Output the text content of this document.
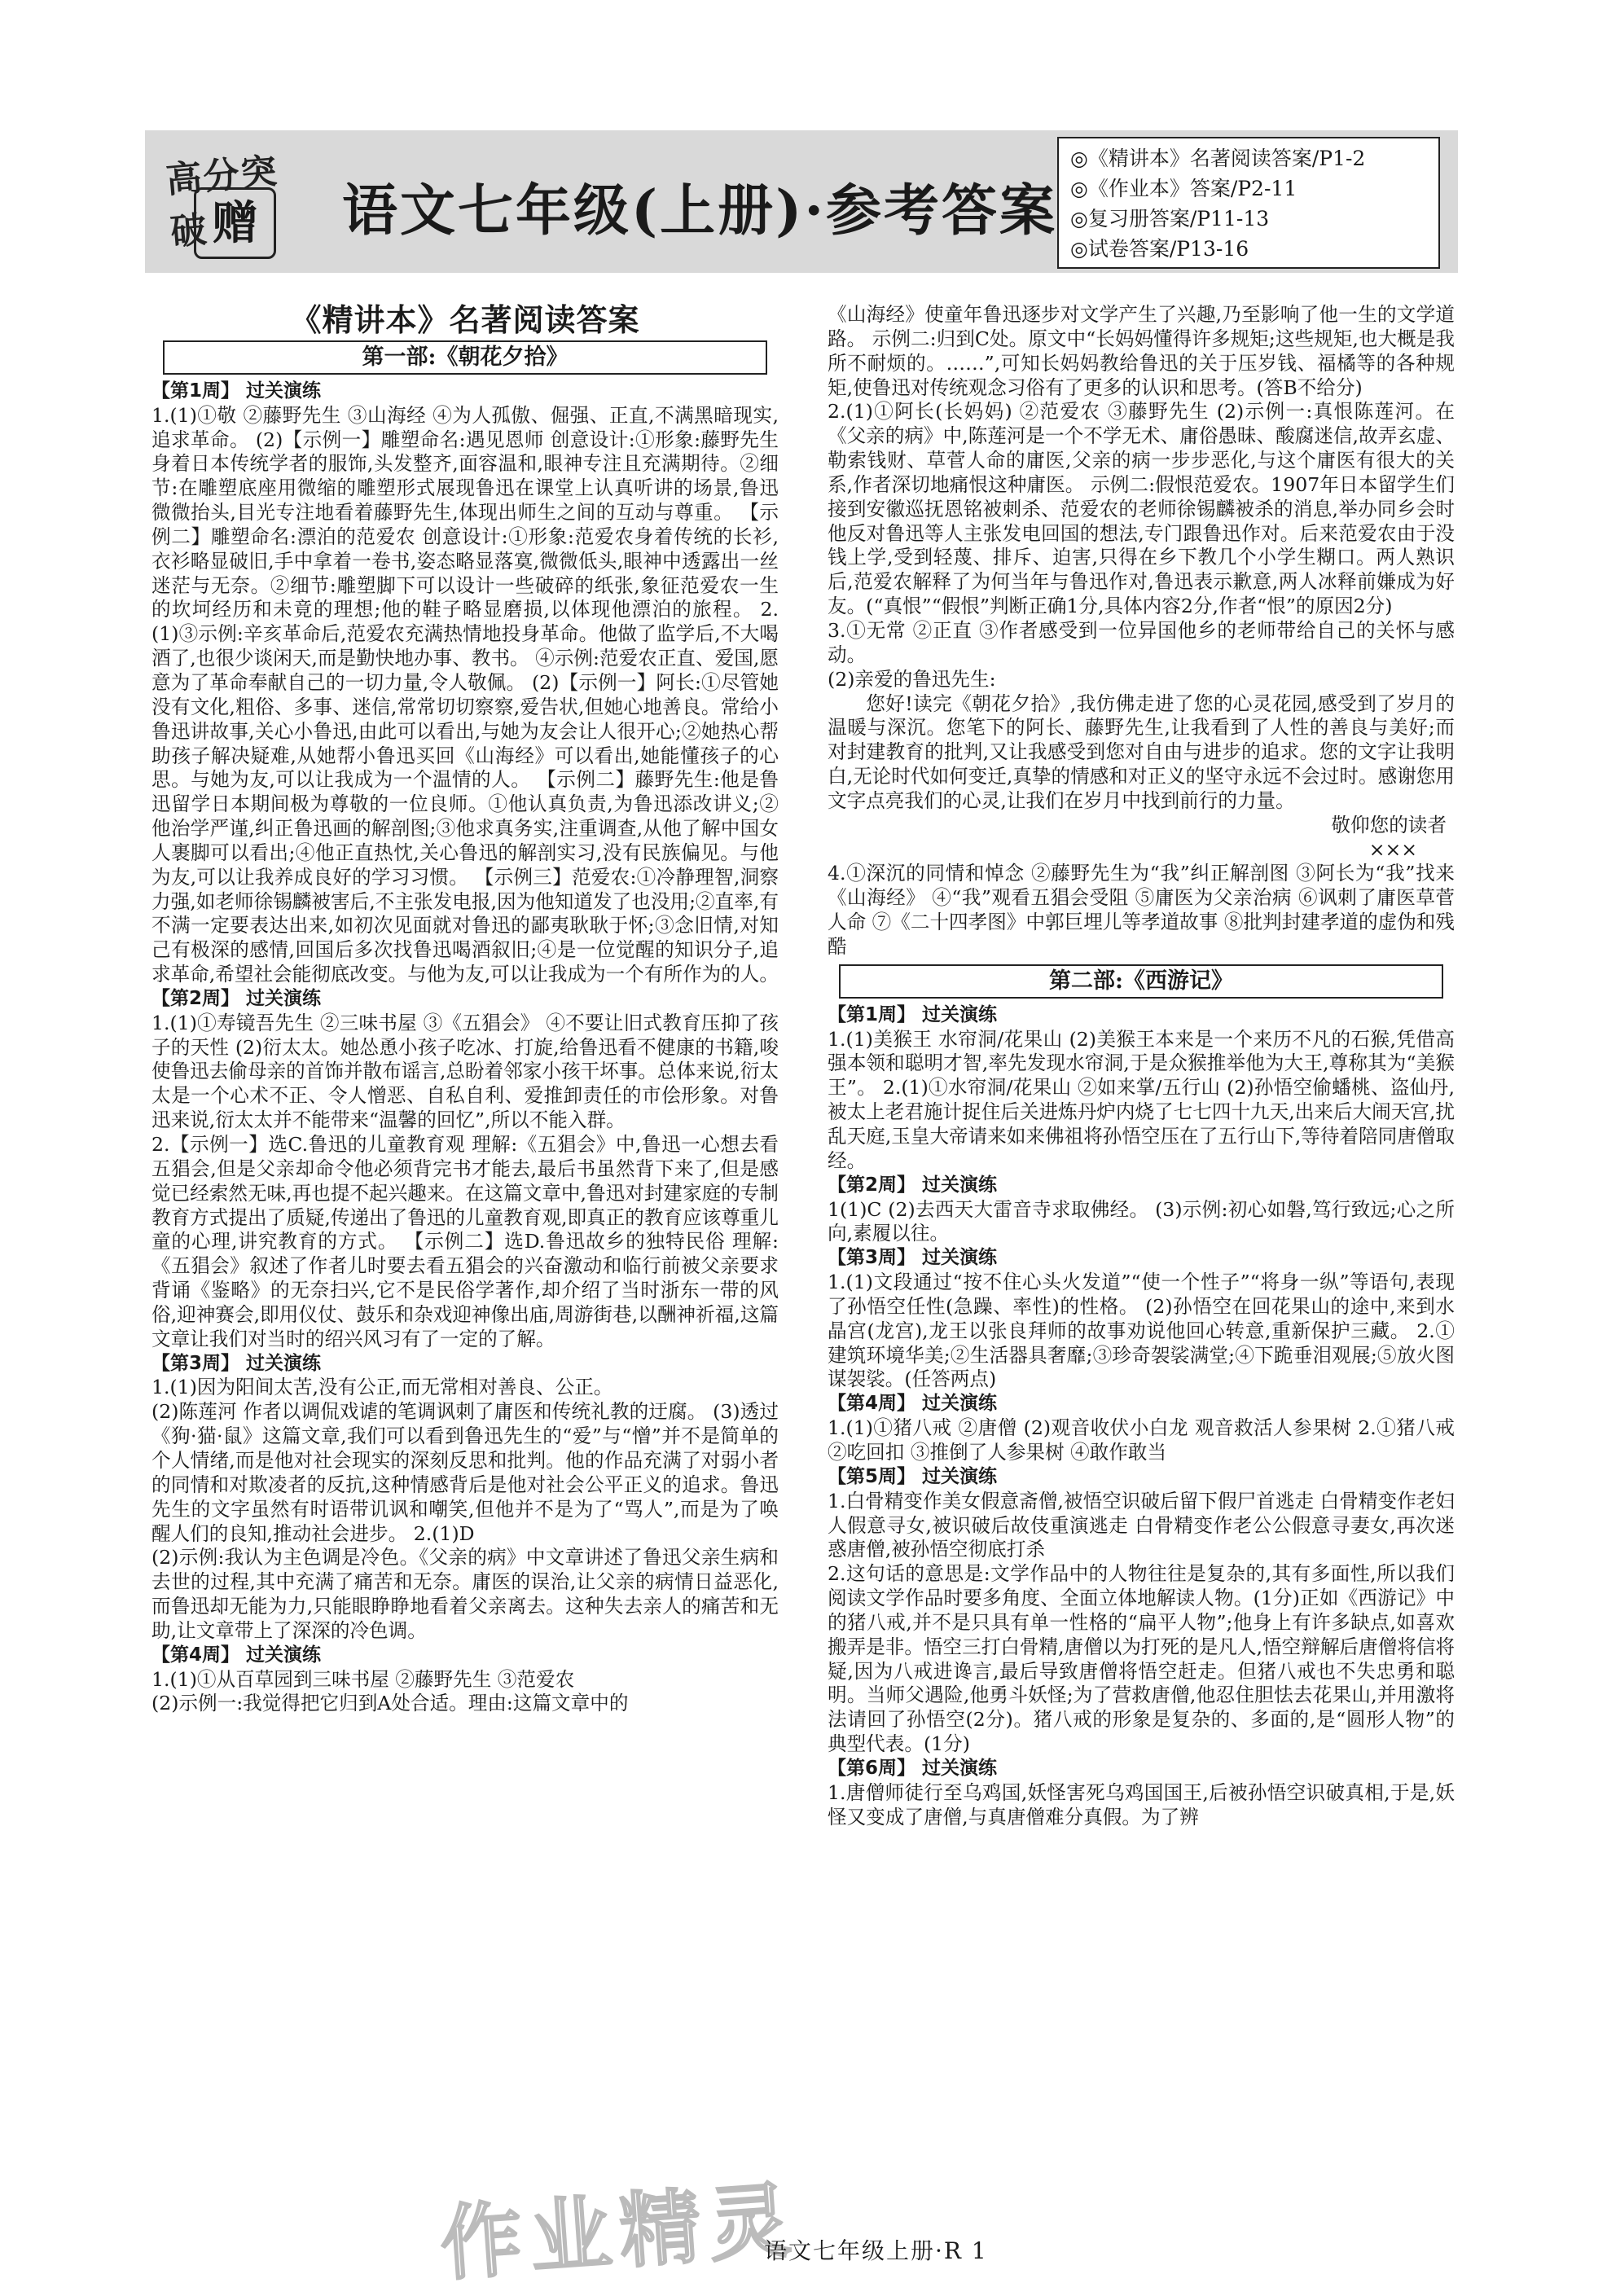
高分突破 赠	语文七年级(上册)·参考答案
◎《精讲本》名著阅读答案/P1-2
◎《作业本》答案/P2-11
◎复习册答案/P11-13
◎试卷答案/P13-16
《精讲本》名著阅读答案
第一部:《朝花夕拾》

【第1周】 过关演练

1.(1)①敬 ②藤野先生 ③山海经 ④为人孤傲、倔强、正直,不满黑暗现实,追求革命。 (2)【示例一】雕塑命名:遇见恩师 创意设计:①形象:藤野先生身着日本传统学者的服饰,头发整齐,面容温和,眼神专注且充满期待。②细节:在雕塑底座用微缩的雕塑形式展现鲁迅在课堂上认真听讲的场景,鲁迅微微抬头,目光专注地看着藤野先生,体现出师生之间的互动与尊重。 【示例二】雕塑命名:漂泊的范爱农 创意设计:①形象:范爱农身着传统的长衫,衣衫略显破旧,手中拿着一卷书,姿态略显落寞,微微低头,眼神中透露出一丝迷茫与无奈。②细节:雕塑脚下可以设计一些破碎的纸张,象征范爱农一生的坎坷经历和未竟的理想;他的鞋子略显磨损,以体现他漂泊的旅程。 2.(1)③示例:辛亥革命后,范爱农充满热情地投身革命。他做了监学后,不大喝酒了,也很少谈闲天,而是勤快地办事、教书。 ④示例:范爱农正直、爱国,愿意为了革命奉献自己的一切力量,令人敬佩。 (2)【示例一】阿长:①尽管她没有文化,粗俗、多事、迷信,常常切切察察,爱告状,但她心地善良。常给小鲁迅讲故事,关心小鲁迅,由此可以看出,与她为友会让人很开心;②她热心帮助孩子解决疑难,从她帮小鲁迅买回《山海经》可以看出,她能懂孩子的心思。与她为友,可以让我成为一个温情的人。 【示例二】藤野先生:他是鲁迅留学日本期间极为尊敬的一位良师。①他认真负责,为鲁迅添改讲义;②他治学严谨,纠正鲁迅画的解剖图;③他求真务实,注重调查,从他了解中国女人裹脚可以看出;④他正直热忱,关心鲁迅的解剖实习,没有民族偏见。与他为友,可以让我养成良好的学习习惯。 【示例三】范爱农:①冷静理智,洞察力强,如老师徐锡麟被害后,不主张发电报,因为他知道发了也没用;②直率,有不满一定要表达出来,如初次见面就对鲁迅的鄙夷耿耿于怀;③念旧情,对知己有极深的感情,回国后多次找鲁迅喝酒叙旧;④是一位觉醒的知识分子,追求革命,希望社会能彻底改变。与他为友,可以让我成为一个有所作为的人。

【第2周】 过关演练

1.(1)①寿镜吾先生 ②三味书屋 ③《五猖会》 ④不要让旧式教育压抑了孩子的天性 (2)衍太太。她怂恿小孩子吃冰、打旋,给鲁迅看不健康的书籍,唆使鲁迅去偷母亲的首饰并散布谣言,总盼着邻家小孩干坏事。总体来说,衍太太是一个心术不正、令人憎恶、自私自利、爱推卸责任的市侩形象。对鲁迅来说,衍太太并不能带来“温馨的回忆”,所以不能入群。

2.【示例一】选C.鲁迅的儿童教育观 理解:《五猖会》中,鲁迅一心想去看五猖会,但是父亲却命令他必须背完书才能去,最后书虽然背下来了,但是感觉已经索然无味,再也提不起兴趣来。在这篇文章中,鲁迅对封建家庭的专制教育方式提出了质疑,传递出了鲁迅的儿童教育观,即真正的教育应该尊重儿童的心理,讲究教育的方式。 【示例二】选D.鲁迅故乡的独特民俗 理解:《五猖会》叙述了作者儿时要去看五猖会的兴奋激动和临行前被父亲要求背诵《鉴略》的无奈扫兴,它不是民俗学著作,却介绍了当时浙东一带的风俗,迎神赛会,即用仪仗、鼓乐和杂戏迎神像出庙,周游街巷,以酬神祈福,这篇文章让我们对当时的绍兴风习有了一定的了解。

【第3周】 过关演练

1.(1)因为阳间太苦,没有公正,而无常相对善良、公正。

(2)陈莲河 作者以调侃戏谑的笔调讽刺了庸医和传统礼教的迂腐。 (3)透过《狗·猫·鼠》这篇文章,我们可以看到鲁迅先生的“爱”与“憎”并不是简单的个人情绪,而是他对社会现实的深刻反思和批判。他的作品充满了对弱小者的同情和对欺凌者的反抗,这种情感背后是他对社会公平正义的追求。鲁迅先生的文字虽然有时语带讥讽和嘲笑,但他并不是为了“骂人”,而是为了唤醒人们的良知,推动社会进步。 2.(1)D

(2)示例:我认为主色调是冷色。《父亲的病》中文章讲述了鲁迅父亲生病和去世的过程,其中充满了痛苦和无奈。庸医的误治,让父亲的病情日益恶化,而鲁迅却无能为力,只能眼睁睁地看着父亲离去。这种失去亲人的痛苦和无助,让文章带上了深深的冷色调。

【第4周】 过关演练

1.(1)①从百草园到三味书屋 ②藤野先生 ③范爱农

(2)示例一:我觉得把它归到A处合适。理由:这篇文章中的

《山海经》使童年鲁迅逐步对文学产生了兴趣,乃至影响了他一生的文学道路。 示例二:归到C处。原文中“长妈妈懂得许多规矩;这些规矩,也大概是我所不耐烦的。……”,可知长妈妈教给鲁迅的关于压岁钱、福橘等的各种规矩,使鲁迅对传统观念习俗有了更多的认识和思考。(答B不给分)

2.(1)①阿长(长妈妈) ②范爱农 ③藤野先生 (2)示例一:真恨陈莲河。在《父亲的病》中,陈莲河是一个不学无术、庸俗愚昧、酸腐迷信,故弄玄虚、勒索钱财、草菅人命的庸医,父亲的病一步步恶化,与这个庸医有很大的关系,作者深切地痛恨这种庸医。 示例二:假恨范爱农。1907年日本留学生们接到安徽巡抚恩铭被刺杀、范爱农的老师徐锡麟被杀的消息,举办同乡会时他反对鲁迅等人主张发电回国的想法,专门跟鲁迅作对。后来范爱农由于没钱上学,受到轻蔑、排斥、迫害,只得在乡下教几个小学生糊口。两人熟识后,范爱农解释了为何当年与鲁迅作对,鲁迅表示歉意,两人冰释前嫌成为好友。(“真恨”“假恨”判断正确1分,具体内容2分,作者“恨”的原因2分)

3.①无常 ②正直 ③作者感受到一位异国他乡的老师带给自己的关怀与感动。

(2)亲爱的鲁迅先生:

您好!读完《朝花夕拾》,我仿佛走进了您的心灵花园,感受到了岁月的温暖与深沉。您笔下的阿长、藤野先生,让我看到了人性的善良与美好;而对封建教育的批判,又让我感受到您对自由与进步的追求。您的文字让我明白,无论时代如何变迁,真挚的情感和对正义的坚守永远不会过时。感谢您用文字点亮我们的心灵,让我们在岁月中找到前行的力量。

敬仰您的读者

×××

4.①深沉的同情和悼念 ②藤野先生为“我”纠正解剖图 ③阿长为“我”找来《山海经》 ④“我”观看五猖会受阻 ⑤庸医为父亲治病 ⑥讽刺了庸医草菅人命 ⑦《二十四孝图》中郭巨埋儿等孝道故事 ⑧批判封建孝道的虚伪和残酷

第二部:《西游记》

【第1周】 过关演练

1.(1)美猴王 水帘洞/花果山 (2)美猴王本来是一个来历不凡的石猴,凭借高强本领和聪明才智,率先发现水帘洞,于是众猴推举他为大王,尊称其为“美猴王”。 2.(1)①水帘洞/花果山 ②如来掌/五行山 (2)孙悟空偷蟠桃、盗仙丹,被太上老君施计捉住后关进炼丹炉内烧了七七四十九天,出来后大闹天宫,扰乱天庭,玉皇大帝请来如来佛祖将孙悟空压在了五行山下,等待着陪同唐僧取经。

【第2周】 过关演练

1(1)C (2)去西天大雷音寺求取佛经。 (3)示例:初心如磐,笃行致远;心之所向,素履以往。

【第3周】 过关演练

1.(1)文段通过“按不住心头火发道”“使一个性子”“将身一纵”等语句,表现了孙悟空任性(急躁、率性)的性格。 (2)孙悟空在回花果山的途中,来到水晶宫(龙宫),龙王以张良拜师的故事劝说他回心转意,重新保护三藏。 2.①建筑环境华美;②生活器具奢靡;③珍奇袈裟满堂;④下跪垂泪观展;⑤放火图谋袈裟。(任答两点)

【第4周】 过关演练

1.(1)①猪八戒 ②唐僧 (2)观音收伏小白龙 观音救活人参果树 2.①猪八戒 ②吃回扣 ③推倒了人参果树 ④敢作敢当

【第5周】 过关演练

1.白骨精变作美女假意斋僧,被悟空识破后留下假尸首逃走 白骨精变作老妇人假意寻女,被识破后故伎重演逃走 白骨精变作老公公假意寻妻女,再次迷惑唐僧,被孙悟空彻底打杀

2.这句话的意思是:文学作品中的人物往往是复杂的,其有多面性,所以我们阅读文学作品时要多角度、全面立体地解读人物。(1分)正如《西游记》中的猪八戒,并不是只具有单一性格的“扁平人物”;他身上有许多缺点,如喜欢搬弄是非。悟空三打白骨精,唐僧以为打死的是凡人,悟空辩解后唐僧将信将疑,因为八戒进谗言,最后导致唐僧将悟空赶走。但猪八戒也不失忠勇和聪明。当师父遇险,他勇斗妖怪;为了营救唐僧,他忍住胆怯去花果山,并用激将法请回了孙悟空(2分)。猪八戒的形象是复杂的、多面的,是“圆形人物”的典型代表。(1分)

【第6周】 过关演练

1.唐僧师徒行至乌鸡国,妖怪害死乌鸡国国王,后被孙悟空识破真相,于是,妖怪又变成了唐僧,与真唐僧难分真假。为了辨

作业精灵
语文七年级上册·R 1
